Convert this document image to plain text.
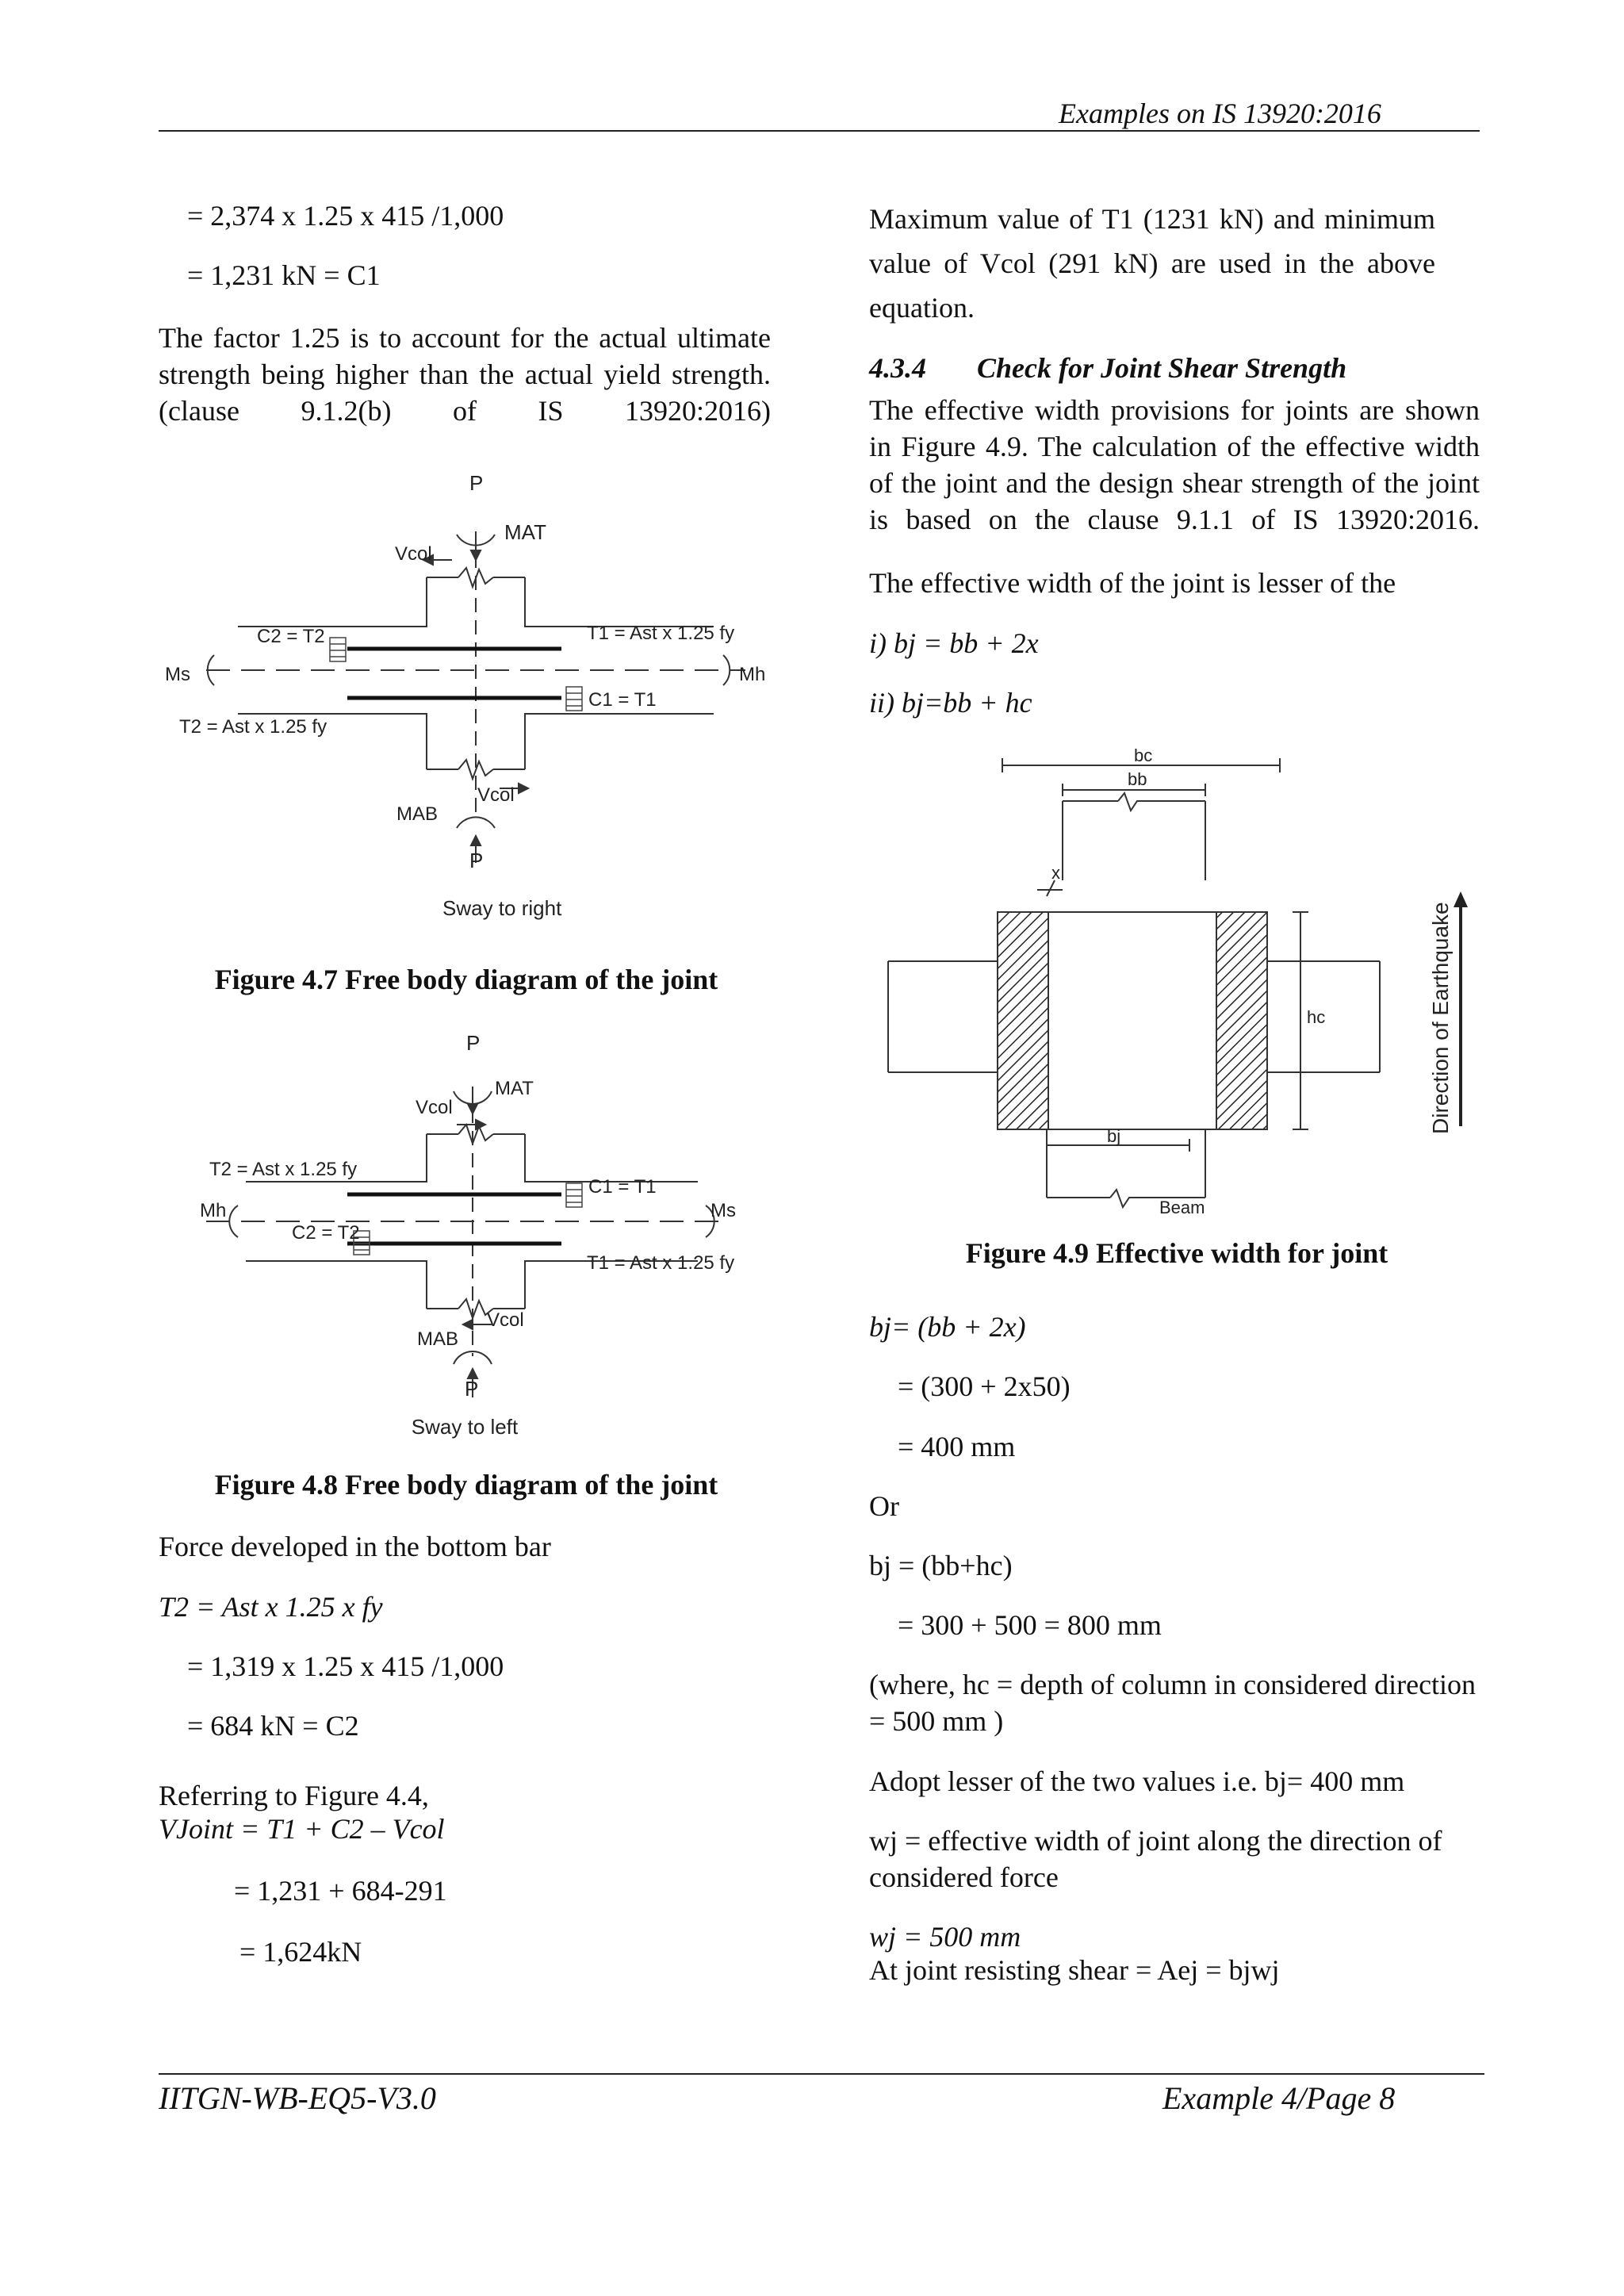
Examples on IS 13920:2016
= 2,374 x 1.25 x 415 /1,000
= 1,231 kN = C1
The factor 1.25 is to account for the actual ultimate strength being higher than the actual yield strength. (clause 9.1.2(b) of IS 13920:2016)
P
MAT
Vcol
C2 = T2	T1 = Ast x 1.25 fy
Ms	Mh
C1 = T1
T2 = Ast x 1.25 fy
Vcol
MAB
P
Sway to right
Figure 4.7 Free body diagram of the joint
P
MAT
Vcol
T2 = Ast x 1.25 fy
C1 = T1
Mh	Ms
C2 = T2
T1 = Ast x 1.25 fy
Vcol
MAB
P
Sway to left
Figure 4.8 Free body diagram of the joint
Force developed in the bottom bar
T2 = Ast x 1.25 x fy
= 1,319 x 1.25 x 415 /1,000
= 684 kN = C2
Referring to Figure 4.4,
VJoint = T1 + C2 – Vcol
= 1,231 + 684-291
= 1,624kN
Maximum value of T1 (1231 kN) and minimum value of Vcol (291 kN) are used in the above equation.
4.3.4 Check for Joint Shear Strength
The effective width provisions for joints are shown in Figure 4.9. The calculation of the effective width of the joint and the design shear strength of the joint is based on the clause 9.1.1 of IS 13920:2016.
The effective width of the joint is lesser of the
i) bj = bb + 2x
ii) bj=bb + hc
bc
bb
x
hc
bj
Beam
Direction of Earthquake
Figure 4.9 Effective width for joint
bj= (bb + 2x)
= (300 + 2x50)
= 400 mm
Or
bj = (bb+hc)
= 300 + 500 = 800 mm
(where, hc = depth of column in considered direction = 500 mm )
Adopt lesser of the two values i.e. bj= 400 mm
wj = effective width of joint along the direction of considered force
wj = 500 mm
At joint resisting shear = Aej = bjwj
IITGN-WB-EQ5-V3.0	Example 4/Page 8
